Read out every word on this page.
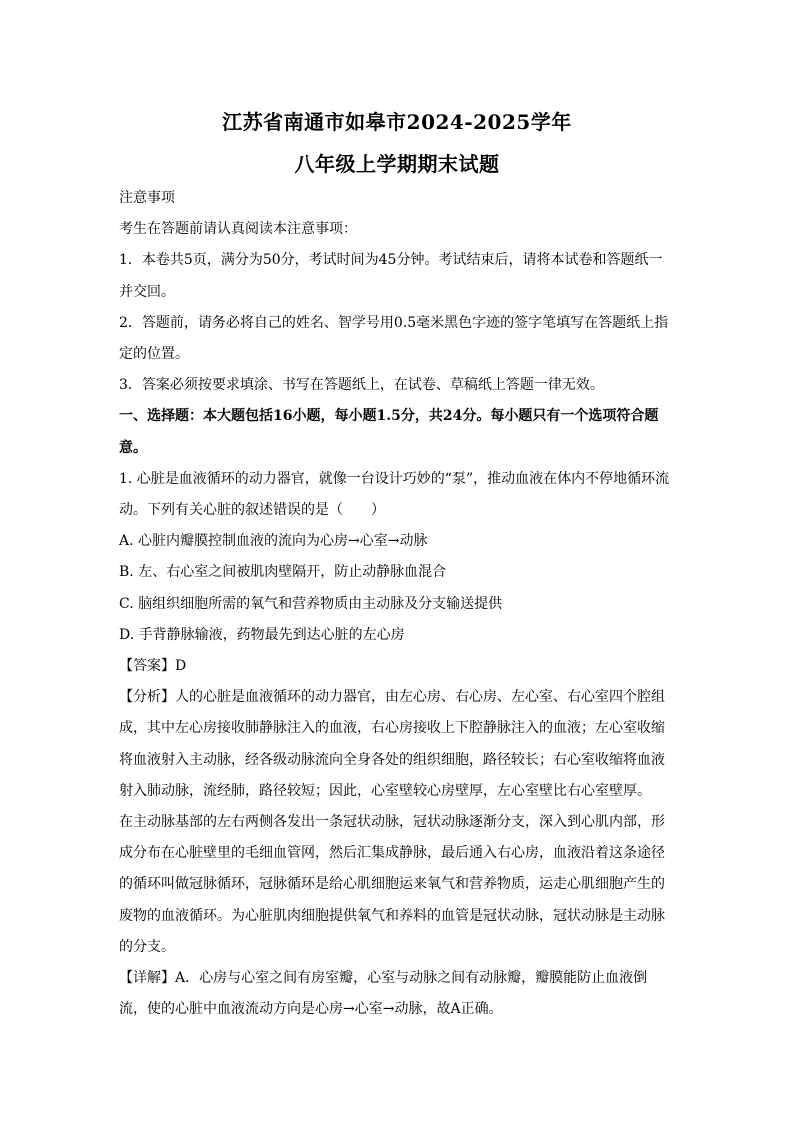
江苏省南通市如皋市2024-2025学年
八年级上学期期末试题

注意事项

考生在答题前请认真阅读本注意事项：

1．本卷共5页，满分为50分，考试时间为45分钟。考试结束后，请将本试卷和答题纸一

并交回。

2．答题前，请务必将自己的姓名、智学号用0.5毫米黑色字迹的签字笔填写在答题纸上指

定的位置。

3．答案必须按要求填涂、书写在答题纸上，在试卷、草稿纸上答题一律无效。

一、选择题：本大题包括16小题，每小题1.5分，共24分。每小题只有一个选项符合题

意。

1. 心脏是血液循环的动力器官，就像一台设计巧妙的“泵”，推动血液在体内不停地循环流

动。下列有关心脏的叙述错误的是（　　）

A. 心脏内瓣膜控制血液的流向为心房→心室→动脉

B. 左、右心室之间被肌肉壁隔开，防止动静脉血混合

C. 脑组织细胞所需的氧气和营养物质由主动脉及分支输送提供

D. 手背静脉输液，药物最先到达心脏的左心房

【答案】D

【分析】人的心脏是血液循环的动力器官，由左心房、右心房、左心室、右心室四个腔组

成，其中左心房接收肺静脉注入的血液，右心房接收上下腔静脉注入的血液；左心室收缩

将血液射入主动脉，经各级动脉流向全身各处的组织细胞，路径较长；右心室收缩将血液

射入肺动脉，流经肺，路径较短；因此，心室壁较心房壁厚，左心室壁比右心室壁厚。

在主动脉基部的左右两侧各发出一条冠状动脉，冠状动脉逐渐分支，深入到心肌内部，形

成分布在心脏壁里的毛细血管网，然后汇集成静脉，最后通入右心房，血液沿着这条途径

的循环叫做冠脉循环，冠脉循环是给心肌细胞运来氧气和营养物质，运走心肌细胞产生的

废物的血液循环。为心脏肌肉细胞提供氧气和养料的血管是冠状动脉，冠状动脉是主动脉

的分支。

【详解】A．心房与心室之间有房室瓣，心室与动脉之间有动脉瓣，瓣膜能防止血液倒

流，使的心脏中血液流动方向是心房→心室→动脉，故A正确。
